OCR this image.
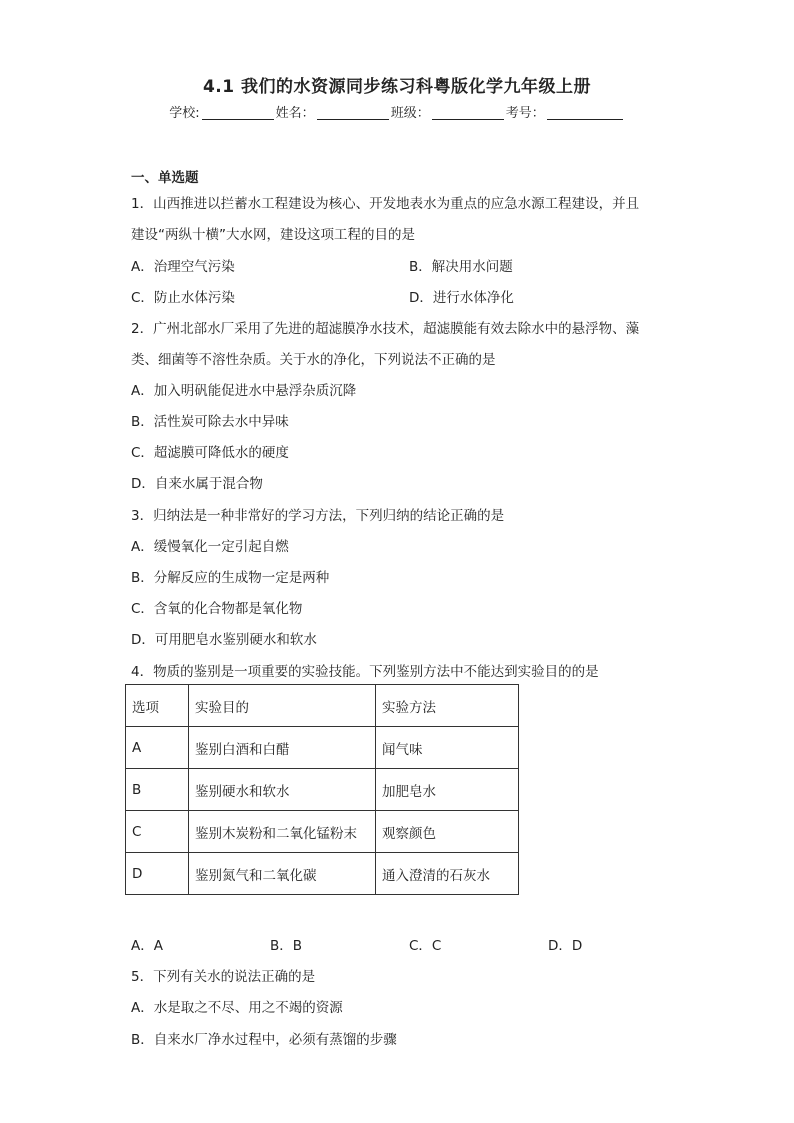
4.1 我们的水资源同步练习科粤版化学九年级上册
学校:	姓名：	班级：	考号：
一、单选题
1．山西推进以拦蓄水工程建设为核心、开发地表水为重点的应急水源工程建设，并且
建设“两纵十横”大水网，建设这项工程的目的是
A．治理空气污染	B．解决用水问题
C．防止水体污染	D．进行水体净化
2．广州北部水厂采用了先进的超滤膜净水技术，超滤膜能有效去除水中的悬浮物、藻
类、细菌等不溶性杂质。关于水的净化，下列说法不正确的是
A．加入明矾能促进水中悬浮杂质沉降
B．活性炭可除去水中异味
C．超滤膜可降低水的硬度
D．自来水属于混合物
3．归纳法是一种非常好的学习方法，下列归纳的结论正确的是
A．缓慢氧化一定引起自燃
B．分解反应的生成物一定是两种
C．含氧的化合物都是氧化物
D．可用肥皂水鉴别硬水和软水
4．物质的鉴别是一项重要的实验技能。下列鉴别方法中不能达到实验目的的是
选项	实验目的	实验方法
A	鉴别白酒和白醋	闻气味
B	鉴别硬水和软水	加肥皂水
C	鉴别木炭粉和二氧化锰粉末	观察颜色
D	鉴别氮气和二氧化碳	通入澄清的石灰水
A．A	B．B	C．C	D．D
5．下列有关水的说法正确的是
A．水是取之不尽、用之不竭的资源
B．自来水厂净水过程中，必须有蒸馏的步骤
